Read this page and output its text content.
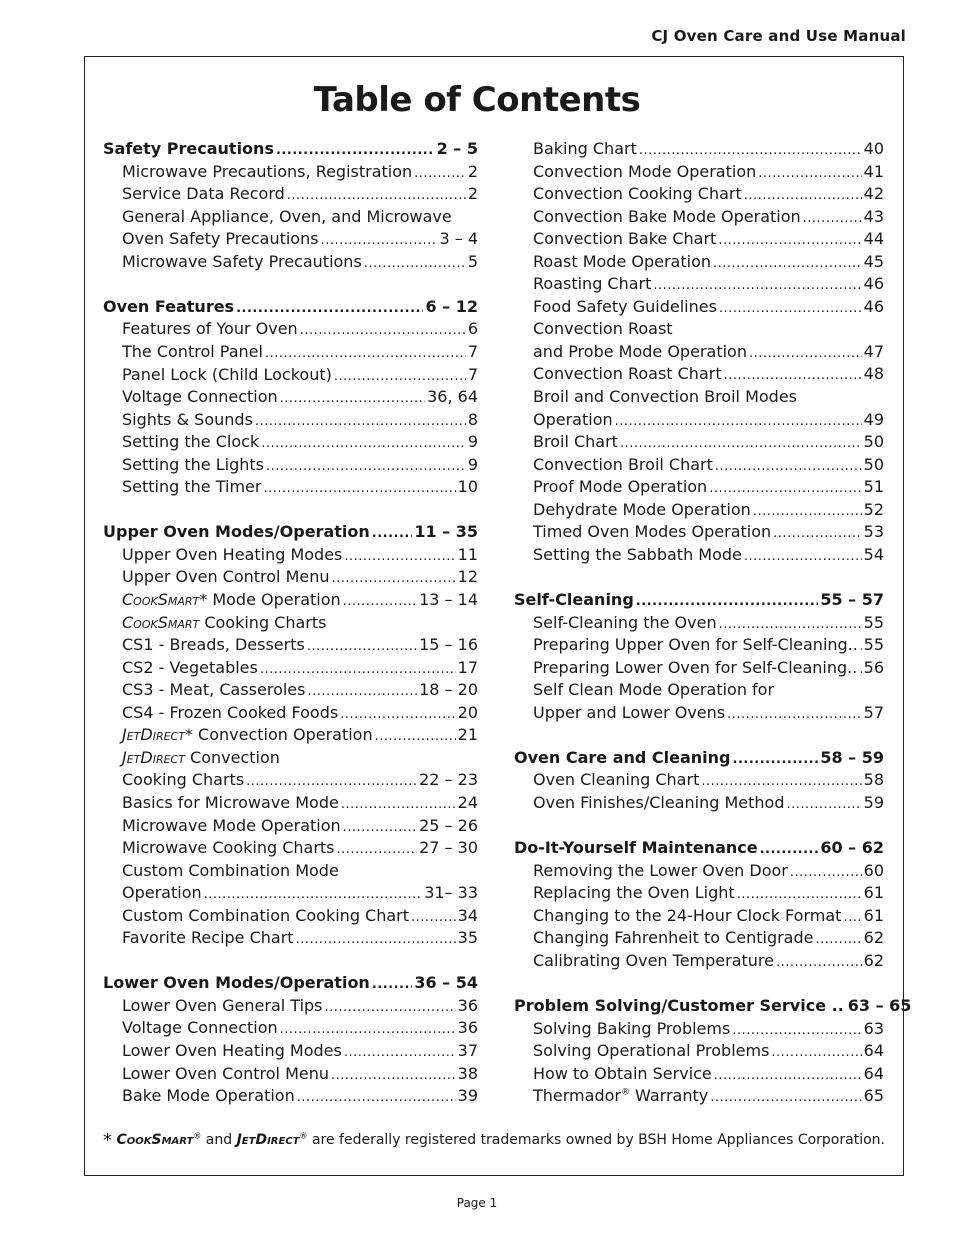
CJ Oven Care and Use Manual
Table of Contents
Safety Precautions .....	2 – 5
Microwave Precautions, Registration .....	2
Service Data Record .....	2
General Appliance, Oven, and Microwave
Oven Safety Precautions .....	3 – 4
Microwave Safety Precautions .....	5
Oven Features .....	6 – 12
Features of Your Oven .....	6
The Control Panel .....	7
Panel Lock (Child Lockout) .....	7
Voltage Connection .....	36, 64
Sights & Sounds .....	8
Setting the Clock .....	9
Setting the Lights .....	9
Setting the Timer .....	10
Upper Oven Modes/Operation .....	11 – 35
Upper Oven Heating Modes .....	11
Upper Oven Control Menu .....	12
CookSmart* Mode Operation .....	13 – 14
CookSmart Cooking Charts
CS1 - Breads, Desserts .....	15 – 16
CS2 - Vegetables .....	17
CS3 - Meat, Casseroles .....	18 – 20
CS4 - Frozen Cooked Foods .....	20
JetDirect* Convection Operation .....	21
JetDirect Convection
Cooking Charts .....	22 – 23
Basics for Microwave Mode .....	24
Microwave Mode Operation .....	25 – 26
Microwave Cooking Charts .....	27 – 30
Custom Combination Mode
Operation .....	31– 33
Custom Combination Cooking Chart .....	34
Favorite Recipe Chart .....	35
Lower Oven Modes/Operation .....	36 – 54
Lower Oven General Tips .....	36
Voltage Connection .....	36
Lower Oven Heating Modes .....	37
Lower Oven Control Menu .....	38
Bake Mode Operation .....	39
Baking Chart .....	40
Convection Mode Operation .....	41
Convection Cooking Chart .....	42
Convection Bake Mode Operation .....	43
Convection Bake Chart .....	44
Roast Mode Operation .....	45
Roasting Chart .....	46
Food Safety Guidelines .....	46
Convection Roast
and Probe Mode Operation .....	47
Convection Roast Chart .....	48
Broil and Convection Broil Modes
Operation .....	49
Broil Chart .....	50
Convection Broil Chart .....	50
Proof Mode Operation .....	51
Dehydrate Mode Operation .....	52
Timed Oven Modes Operation .....	53
Setting the Sabbath Mode .....	54
Self-Cleaning .....	55 – 57
Self-Cleaning the Oven .....	55
Preparing Upper Oven for Self-Cleaning.. ..... 55
Preparing Lower Oven for Self-Cleaning.. ..... 56
Self Clean Mode Operation for
Upper and Lower Ovens .....	57
Oven Care and Cleaning .....	58 – 59
Oven Cleaning Chart .....	58
Oven Finishes/Cleaning Method .....	59
Do-It-Yourself Maintenance .....	60 – 62
Removing the Lower Oven Door .....	60
Replacing the Oven Light .....	61
Changing to the 24-Hour Clock Format ..... 61
Changing Fahrenheit to Centigrade .....	62
Calibrating Oven Temperature .....	62
Problem Solving/Customer Service .. 63 – 65
Solving Baking Problems .....	63
Solving Operational Problems .....	64
How to Obtain Service .....	64
Thermador® Warranty .....	65
* CookSmart® and JetDirect® are federally registered trademarks owned by BSH Home Appliances Corporation.
Page 1
